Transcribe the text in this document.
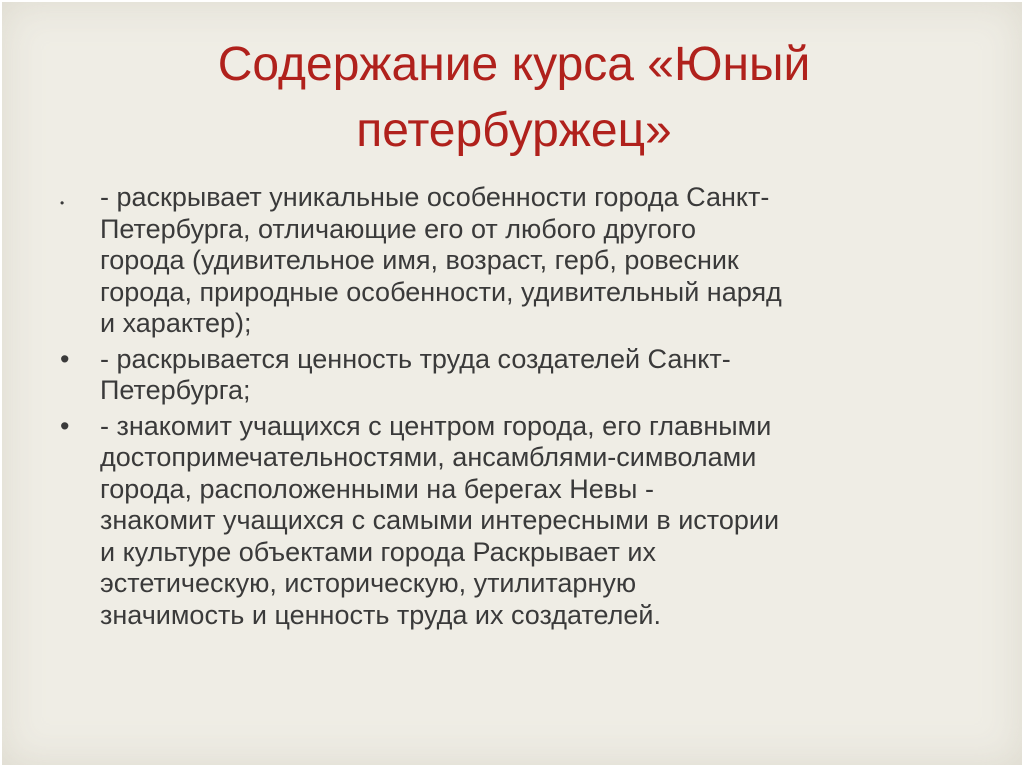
Содержание курса «Юный
петербуржец»
•	- раскрывает уникальные особенности города Санкт-
Петербурга, отличающие его от любого другого
города (удивительное имя, возраст, герб, ровесник
города, природные особенности, удивительный наряд
и характер);
•	- раскрывается ценность труда создателей Санкт-
Петербурга;
•	- знакомит учащихся с центром города, его главными
достопримечательностями, ансамблями-символами
города, расположенными на берегах Невы -
знакомит учащихся с самыми интересными в истории
и культуре объектами города Раскрывает их
эстетическую, историческую, утилитарную
значимость и ценность труда их создателей.
